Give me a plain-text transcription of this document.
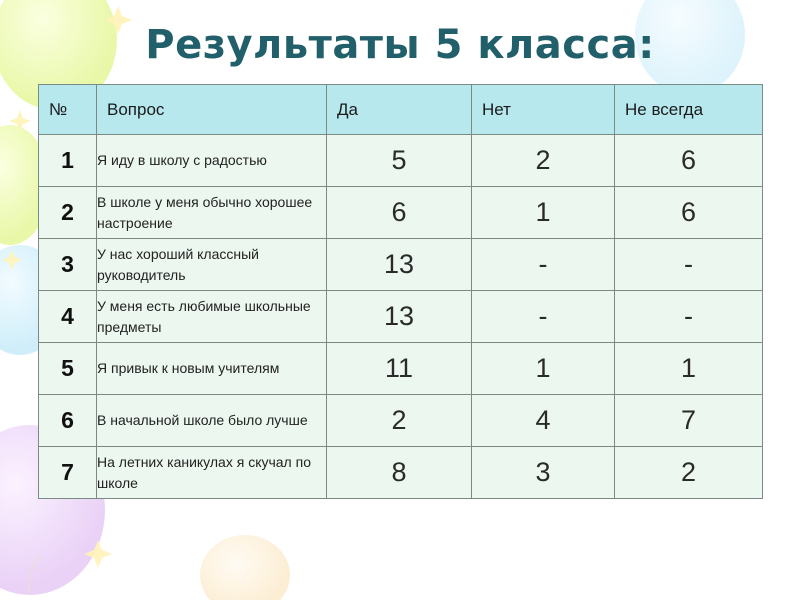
Результаты 5 класса:
№	Вопрос	Да	Нет	Не всегда
1	Я иду в школу с радостью	5	2	6
2	В школе у меня обычно хорошее настроение	6	1	6
3	У нас хороший классный руководитель	13	-	-
4	У меня есть любимые школьные предметы	13	-	-
5	Я привык к новым учителям	11	1	1
6	В начальной школе было лучше	2	4	7
7	На летних каникулах я скучал по школе	8	3	2
